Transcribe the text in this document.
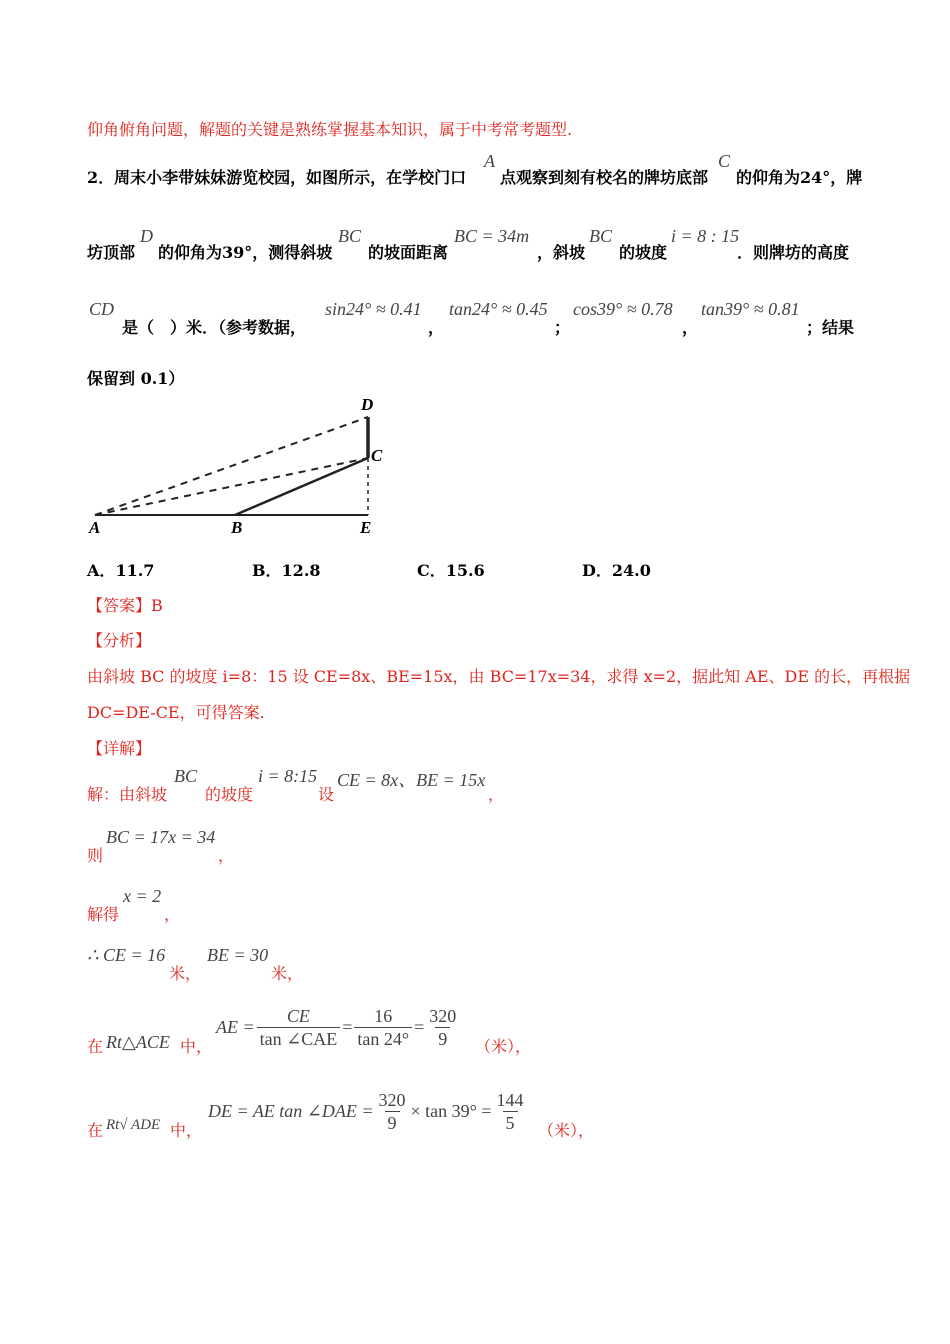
仰角俯角问题，解题的关键是熟练掌握基本知识，属于中考常考题型.
2．周末小李带妹妹游览校园，如图所示，在学校门口
A
点观察到刻有校名的牌坊底部
C
的仰角为24°，牌
坊顶部
D
的仰角为39°，测得斜坡
BC
的坡面距离
BC = 34m
，斜坡
BC
的坡度
i = 8 : 15
．则牌坊的高度
CD
是（　）米．（参考数据，
sin24° ≈ 0.41
，
tan24° ≈ 0.45
；
cos39° ≈ 0.78
，
tan39° ≈ 0.81
；结果
保留到 0.1）
A	B
C
D
E
A．11.7	B．12.8	C．15.6	D．24.0
【答案】B
【分析】
由斜坡 BC 的坡度 i=8：15 设 CE=8x、BE=15x，由 BC=17x=34，求得 x=2，据此知 AE、DE 的长，再根据
DC=DE-CE，可得答案.
【详解】
解：由斜坡
BC
的坡度
i = 8:15
设
CE = 8x、BE = 15x
，
则
BC = 17x = 34
，
解得
x = 2
，
∴ CE = 16
米，
BE = 30
米，
在 Rt△ACE 中，
AE = $\frac{CE}{\text{tan ∠CAE}} = \frac{16}{\tan 24^\circ} = \frac{320}{9}$ （米），
在 Rt√ ADE 中，
DE = AE tan ∠DAE = $\frac{320}{9} \times \tan 39^\circ = \frac{144}{5}$ （米），
